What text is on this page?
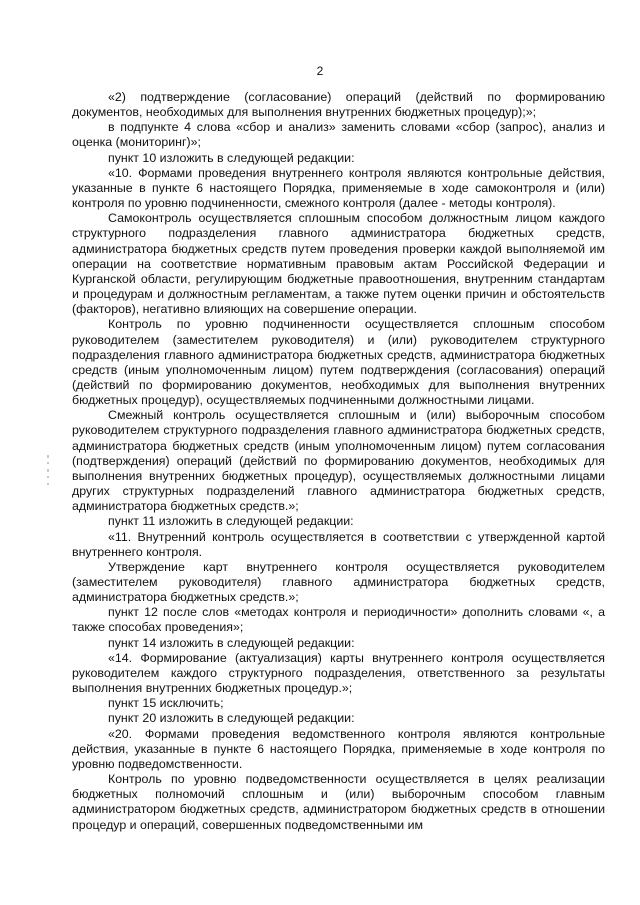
2

«2) подтверждение (согласование) операций (действий по формированию документов, необходимых для выполнения внутренних бюджетных процедур);»;

в подпункте 4 слова «сбор и анализ» заменить словами «сбор (запрос), анализ и оценка (мониторинг)»;

пункт 10 изложить в следующей редакции:

«10. Формами проведения внутреннего контроля являются контрольные действия, указанные в пункте 6 настоящего Порядка, применяемые в ходе самоконтроля и (или) контроля по уровню подчиненности, смежного контроля (далее - методы контроля).

Самоконтроль осуществляется сплошным способом должностным лицом каждого структурного подразделения главного администратора бюджетных средств, администратора бюджетных средств путем проведения проверки каждой выполняемой им операции на соответствие нормативным правовым актам Российской Федерации и Курганской области, регулирующим бюджетные правоотношения, внутренним стандартам и процедурам и должностным регламентам, а также путем оценки причин и обстоятельств (факторов), негативно влияющих на совершение операции.

Контроль по уровню подчиненности осуществляется сплошным способом руководителем (заместителем руководителя) и (или) руководителем структурного подразделения главного администратора бюджетных средств, администратора бюджетных средств (иным уполномоченным лицом) путем подтверждения (согласования) операций (действий по формированию документов, необходимых для выполнения внутренних бюджетных процедур), осуществляемых подчиненными должностными лицами.

Смежный контроль осуществляется сплошным и (или) выборочным способом руководителем структурного подразделения главного администратора бюджетных средств, администратора бюджетных средств (иным уполномоченным лицом) путем согласования (подтверждения) операций (действий по формированию документов, необходимых для выполнения внутренних бюджетных процедур), осуществляемых должностными лицами других структурных подразделений главного администратора бюджетных средств, администратора бюджетных средств.»;

пункт 11 изложить в следующей редакции:

«11. Внутренний контроль осуществляется в соответствии с утвержденной картой внутреннего контроля.

Утверждение карт внутреннего контроля осуществляется руководителем (заместителем руководителя) главного администратора бюджетных средств, администратора бюджетных средств.»;

пункт 12 после слов «методах контроля и периодичности» дополнить словами «, а также способах проведения»;

пункт 14 изложить в следующей редакции:

«14. Формирование (актуализация) карты внутреннего контроля осуществляется руководителем каждого структурного подразделения, ответственного за результаты выполнения внутренних бюджетных процедур.»;

пункт 15 исключить;

пункт 20 изложить в следующей редакции:

«20. Формами проведения ведомственного контроля являются контрольные действия, указанные в пункте 6 настоящего Порядка, применяемые в ходе контроля по уровню подведомственности.

Контроль по уровню подведомственности осуществляется в целях реализации бюджетных полномочий сплошным и (или) выборочным способом главным администратором бюджетных средств, администратором бюджетных средств в отношении процедур и операций, совершенных подведомственными им
